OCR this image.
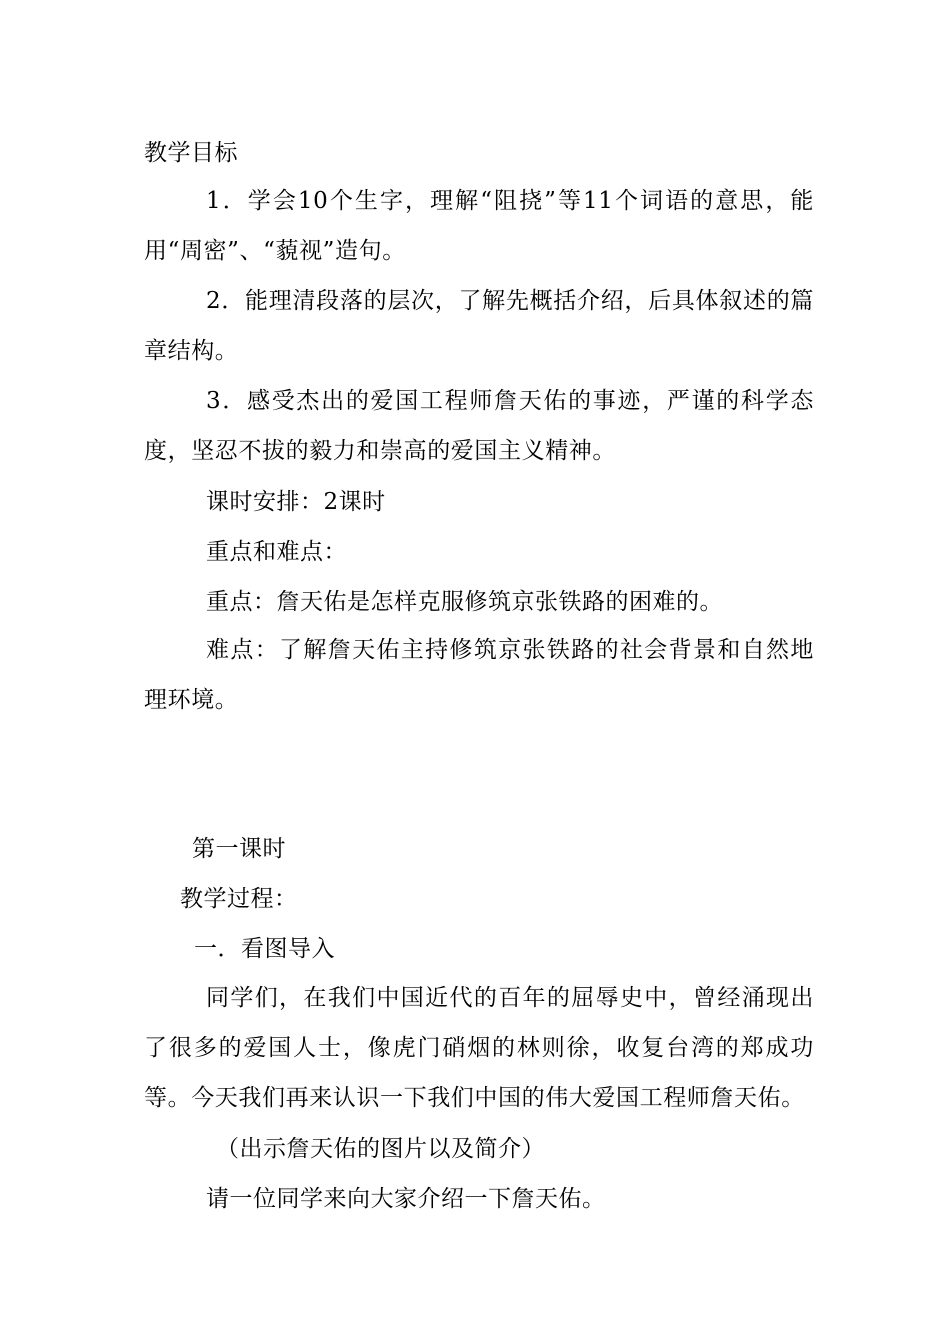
教学目标
1．学会10个生字，理解“阻挠”等11个词语的意思，能用“周密”、“藐视”造句。
2．能理清段落的层次，了解先概括介绍，后具体叙述的篇章结构。
3．感受杰出的爱国工程师詹天佑的事迹，严谨的科学态度，坚忍不拔的毅力和崇高的爱国主义精神。
课时安排：2课时
重点和难点：
重点：詹天佑是怎样克服修筑京张铁路的困难的。
难点：了解詹天佑主持修筑京张铁路的社会背景和自然地理环境。
第一课时
教学过程：
一．看图导入
同学们，在我们中国近代的百年的屈辱史中，曾经涌现出了很多的爱国人士，像虎门硝烟的林则徐，收复台湾的郑成功等。今天我们再来认识一下我们中国的伟大爱国工程师詹天佑。
（出示詹天佑的图片以及简介）
请一位同学来向大家介绍一下詹天佑。
